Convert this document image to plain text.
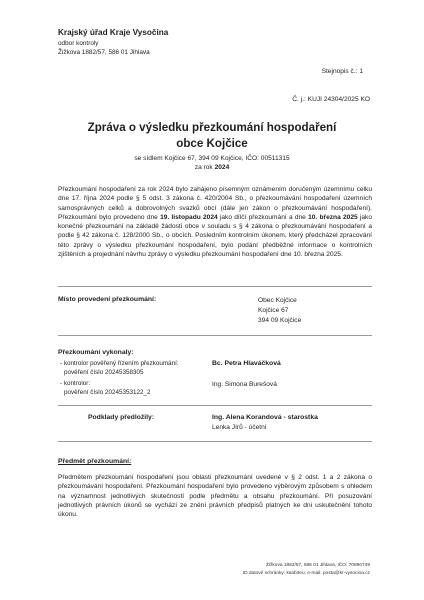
Krajský úřad Kraje Vysočina
odbor kontroly
Žižkova 1882/57, 586 01 Jihlava
Stejnopis č.: 1
Č. j.: KUJI 24304/2025 KO
Zpráva o výsledku přezkoumání hospodaření
obce Kojčice
se sídlem Kojčice 67, 394 09 Kojčice, IČO: 00511315
za rok 2024
Přezkoumání hospodaření za rok 2024 bylo zahájeno písemným oznámením doručeným územnímu celku dne 17. října 2024 podle § 5 odst. 3 zákona č. 420/2004 Sb., o přezkoumávání hospodaření územních samosprávných celků a dobrovolných svazků obcí (dále jen zákon o přezkoumávání hospodaření). Přezkoumání bylo provedeno dne 19. listopadu 2024 jako dílčí přezkoumání a dne 10. března 2025 jako konečné přezkoumání na základě žádosti obce v souladu s § 4 zákona o přezkoumávání hospodaření a podle § 42 zákona č. 128/2000 Sb., o obcích. Posledním kontrolním úkonem, který předcházel zpracování této zprávy o výsledku přezkoumání hospodaření, bylo podání předběžné informace o kontrolních zjištěních a projednání návrhu zprávy o výsledku přezkoumání hospodaření dne 10. března 2025.
Místo provedení přezkoumání:	Obec Kojčice
Kojčice 67
394 09 Kojčice
Přezkoumání vykonaly:
- kontrolor pověřený řízením přezkoumání:
pověření číslo 20245358305
Bc. Petra Hlaváčková
- kontrolor:
pověření číslo 20245353122_2
Ing. Simona Burešová
Podklady předložily:	Ing. Alena Korandová - starostka
Lenka Jírů - účetní
Předmět přezkoumání:
Předmětem přezkoumání hospodaření jsou oblasti přezkoumání uvedené v § 2 odst. 1 a 2 zákona o přezkoumávání hospodaření. Přezkoumání hospodaření bylo provedeno výběrovým způsobem s ohledem na významnost jednotlivých skutečností podle předmětu a obsahu přezkoumání. Při posuzování jednotlivých právních úkonů se vychází ze znění právních předpisů platných ke dni uskutečnění tohoto úkonu.
Žižkova 1882/57, 586 01 Jihlava, IČO: 70890749
ID datové schránky: ksab3eu, e-mail: posta@kr-vysocina.cz
